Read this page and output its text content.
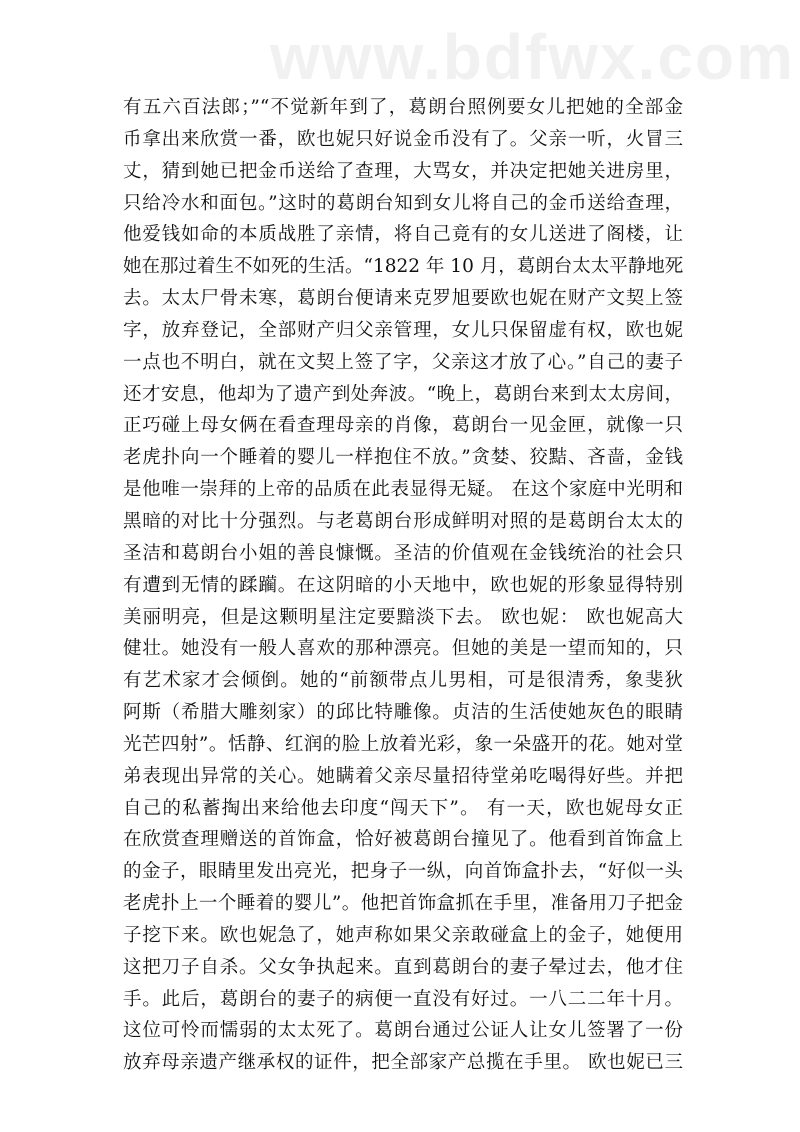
www.bdfwx.com
有五六百法郎；”“不觉新年到了，葛朗台照例要女儿把她的全部金
币拿出来欣赏一番，欧也妮只好说金币没有了。父亲一听，火冒三
丈，猜到她已把金币送给了查理，大骂女，并决定把她关进房里，
只给冷水和面包。”这时的葛朗台知到女儿将自己的金币送给查理，
他爱钱如命的本质战胜了亲情，将自己竟有的女儿送进了阁楼，让
她在那过着生不如死的生活。“1822 年 10 月，葛朗台太太平静地死
去。太太尸骨未寒，葛朗台便请来克罗旭要欧也妮在财产文契上签
字，放弃登记，全部财产归父亲管理，女儿只保留虚有权，欧也妮
一点也不明白，就在文契上签了字，父亲这才放了心。”自己的妻子
还才安息，他却为了遗产到处奔波。“晚上，葛朗台来到太太房间，
正巧碰上母女俩在看查理母亲的肖像，葛朗台一见金匣，就像一只
老虎扑向一个睡着的婴儿一样抱住不放。”贪婪、狡黠、吝啬，金钱
是他唯一崇拜的上帝的品质在此表显得无疑。 在这个家庭中光明和
黑暗的对比十分强烈。与老葛朗台形成鲜明对照的是葛朗台太太的
圣洁和葛朗台小姐的善良慷慨。圣洁的价值观在金钱统治的社会只
有遭到无情的蹂躏。在这阴暗的小天地中，欧也妮的形象显得特别
美丽明亮，但是这颗明星注定要黯淡下去。 欧也妮： 欧也妮高大
健壮。她没有一般人喜欢的那种漂亮。但她的美是一望而知的，只
有艺术家才会倾倒。她的“前额带点儿男相，可是很清秀，象斐狄
阿斯（希腊大雕刻家）的邱比特雕像。贞洁的生活使她灰色的眼睛
光芒四射”。恬静、红润的脸上放着光彩，象一朵盛开的花。她对堂
弟表现出异常的关心。她瞒着父亲尽量招待堂弟吃喝得好些。并把
自己的私蓄掏出来给他去印度“闯天下”。 有一天，欧也妮母女正
在欣赏查理赠送的首饰盒，恰好被葛朗台撞见了。他看到首饰盒上
的金子，眼睛里发出亮光，把身子一纵，向首饰盒扑去，“好似一头
老虎扑上一个睡着的婴儿”。他把首饰盒抓在手里，准备用刀子把金
子挖下来。欧也妮急了，她声称如果父亲敢碰盒上的金子，她便用
这把刀子自杀。父女争执起来。直到葛朗台的妻子晕过去，他才住
手。此后，葛朗台的妻子的病便一直没有好过。一八二二年十月。
这位可怜而懦弱的太太死了。葛朗台通过公证人让女儿签署了一份
放弃母亲遗产继承权的证件，把全部家产总揽在手里。 欧也妮已三
